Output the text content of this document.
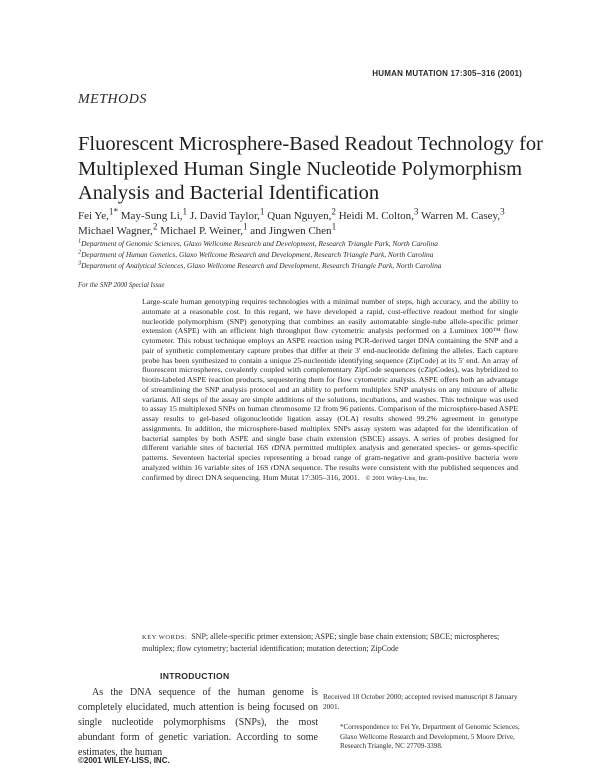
HUMAN MUTATION 17:305–316 (2001)
METHODS
Fluorescent Microsphere-Based Readout Technology for Multiplexed Human Single Nucleotide Polymorphism Analysis and Bacterial Identification
Fei Ye,$^{1*}$ May-Sung Li,$^1$ J. David Taylor,$^1$ Quan Nguyen,$^2$ Heidi M. Colton,$^3$ Warren M. Casey,$^3$ Michael Wagner,$^2$ Michael P. Weiner,$^1$ and Jingwen Chen$^1$
$^1$Department of Genomic Sciences, Glaxo Wellcome Research and Development, Research Triangle Park, North Carolina
$^2$Department of Human Genetics, Glaxo Wellcome Research and Development, Research Triangle Park, North Carolina
$^3$Department of Analytical Sciences, Glaxo Wellcome Research and Development, Research Triangle Park, North Carolina
For the SNP 2000 Special Issue
Large-scale human genotyping requires technologies with a minimal number of steps, high accuracy, and the ability to automate at a reasonable cost. In this regard, we have developed a rapid, cost-effective readout method for single nucleotide polymorphism (SNP) genotyping that combines an easily automatable single-tube allele-specific primer extension (ASPE) with an efficient high throughput flow cytometric analysis performed on a Luminex 100™ flow cytometer. This robust technique employs an ASPE reaction using PCR-derived target DNA containing the SNP and a pair of synthetic complementary capture probes that differ at their 3′ end-nucleotide defining the alleles. Each capture probe has been synthesized to contain a unique 25-nucleotide identifying sequence (ZipCode) at its 5′ end. An array of fluorescent microspheres, covalently coupled with complementary ZipCode sequences (cZipCodes), was hybridized to biotin-labeled ASPE reaction products, sequestering them for flow cytometric analysis. ASPE offers both an advantage of streamlining the SNP analysis protocol and an ability to perform multiplex SNP analysis on any mixture of allelic variants. All steps of the assay are simple additions of the solutions, incubations, and washes. This technique was used to assay 15 multiplexed SNPs on human chromosome 12 from 96 patients. Comparison of the microsphere-based ASPE assay results to gel-based oligonucleotide ligation assay (OLA) results showed 99.2% agreement in genotype assignments. In addition, the microsphere-based multiplex SNPs assay system was adapted for the identification of bacterial samples by both ASPE and single base chain extension (SBCE) assays. A series of probes designed for different variable sites of bacterial 16S rDNA permitted multiplex analysis and generated species- or genus-specific patterns. Seventeen bacterial species representing a broad range of gram-negative and gram-positive bacteria were analyzed within 16 variable sites of 16S rDNA sequence. The results were consistent with the published sequences and confirmed by direct DNA sequencing. Hum Mutat 17:305–316, 2001. © 2001 Wiley-Liss, Inc.
KEY WORDS: SNP; allele-specific primer extension; ASPE; single base chain extension; SBCE; microspheres; multiplex; flow cytometry; bacterial identification; mutation detection; ZipCode
INTRODUCTION
As the DNA sequence of the human genome is completely elucidated, much attention is being focused on single nucleotide polymorphisms (SNPs), the most abundant form of genetic variation. According to some estimates, the human
Received 18 October 2000; accepted revised manuscript 8 January 2001.
*Correspondence to: Fei Ye, Department of Genomic Sciences, Glaxo Wellcome Research and Development, 5 Moore Drive, Research Triangle, NC 27709-3398.
©2001 WILEY-LISS, INC.
